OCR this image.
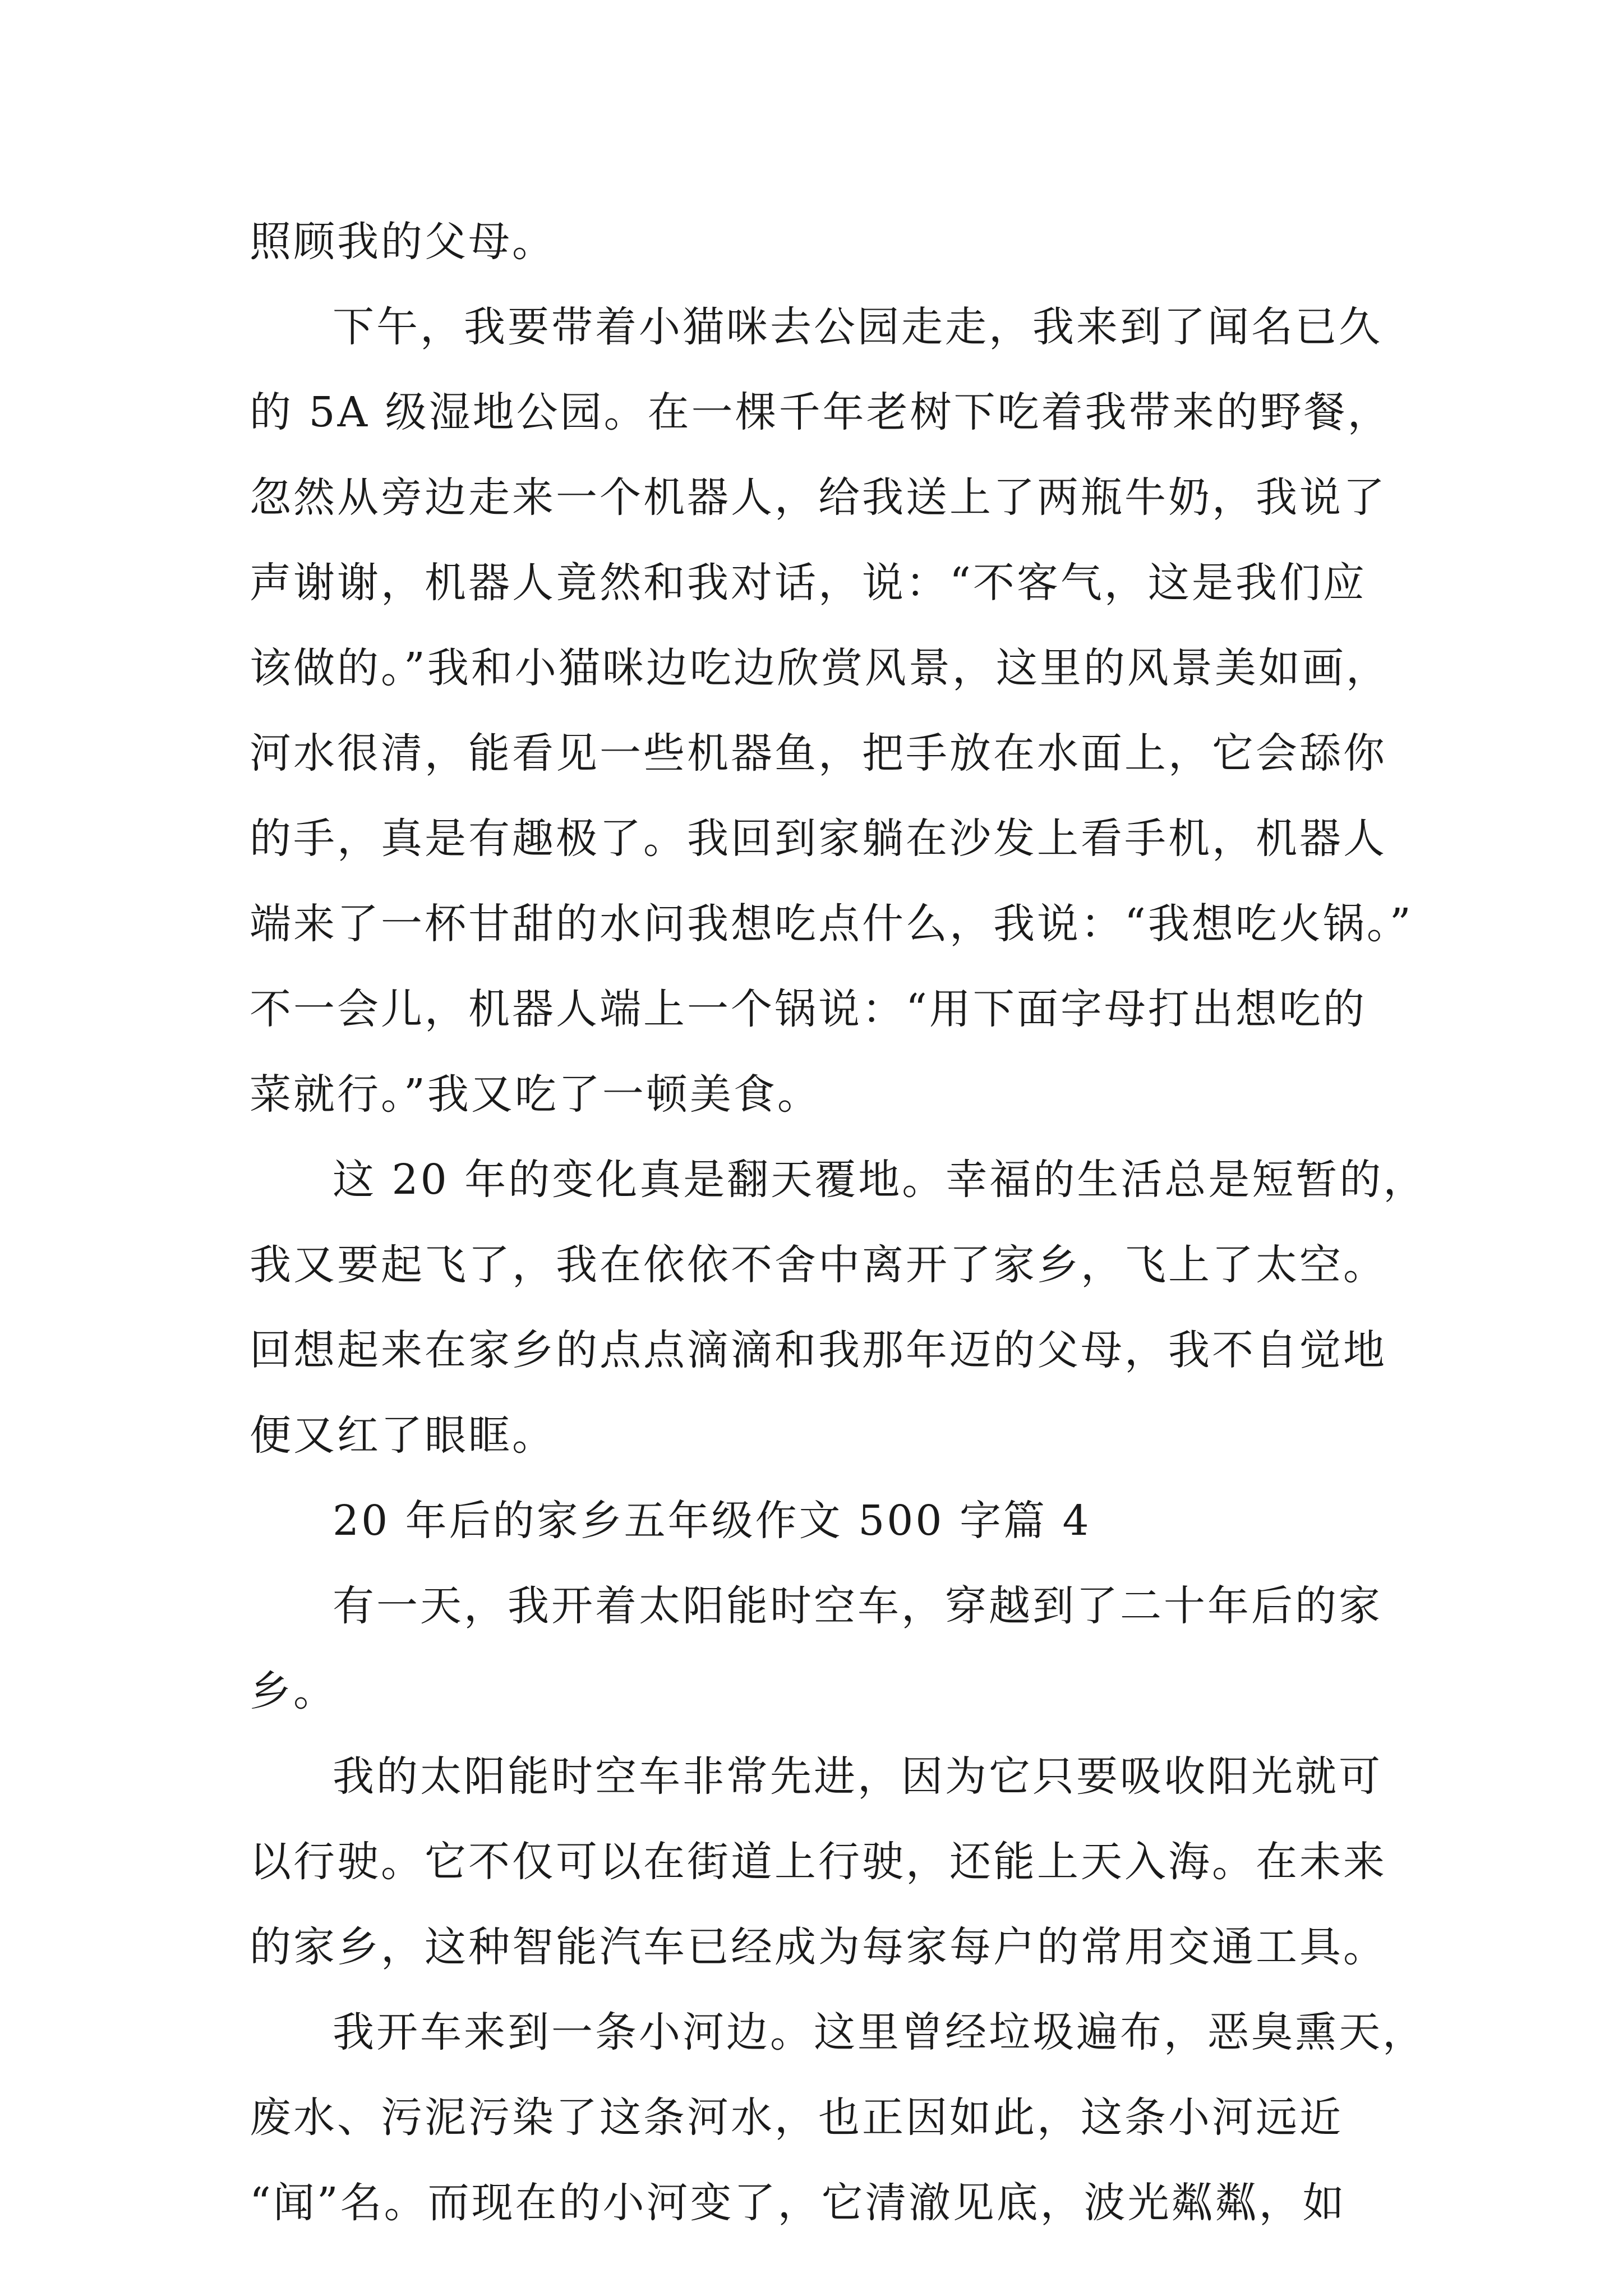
照顾我的父母。
下午，我要带着小猫咪去公园走走，我来到了闻名已久
的 5A 级湿地公园。在一棵千年老树下吃着我带来的野餐，
忽然从旁边走来一个机器人，给我送上了两瓶牛奶，我说了
声谢谢，机器人竟然和我对话，说：“不客气，这是我们应
该做的。”我和小猫咪边吃边欣赏风景，这里的风景美如画，
河水很清，能看见一些机器鱼，把手放在水面上，它会舔你
的手，真是有趣极了。我回到家躺在沙发上看手机，机器人
端来了一杯甘甜的水问我想吃点什么，我说：“我想吃火锅。”
不一会儿，机器人端上一个锅说：“用下面字母打出想吃的
菜就行。”我又吃了一顿美食。
这 20 年的变化真是翻天覆地。幸福的生活总是短暂的，
我又要起飞了，我在依依不舍中离开了家乡，飞上了太空。
回想起来在家乡的点点滴滴和我那年迈的父母，我不自觉地
便又红了眼眶。
20 年后的家乡五年级作文 500 字篇 4
有一天，我开着太阳能时空车，穿越到了二十年后的家
乡。
我的太阳能时空车非常先进，因为它只要吸收阳光就可
以行驶。它不仅可以在街道上行驶，还能上天入海。在未来
的家乡，这种智能汽车已经成为每家每户的常用交通工具。
我开车来到一条小河边。这里曾经垃圾遍布，恶臭熏天，
废水、污泥污染了这条河水，也正因如此，这条小河远近
“闻”名。而现在的小河变了，它清澈见底，波光粼粼，如
